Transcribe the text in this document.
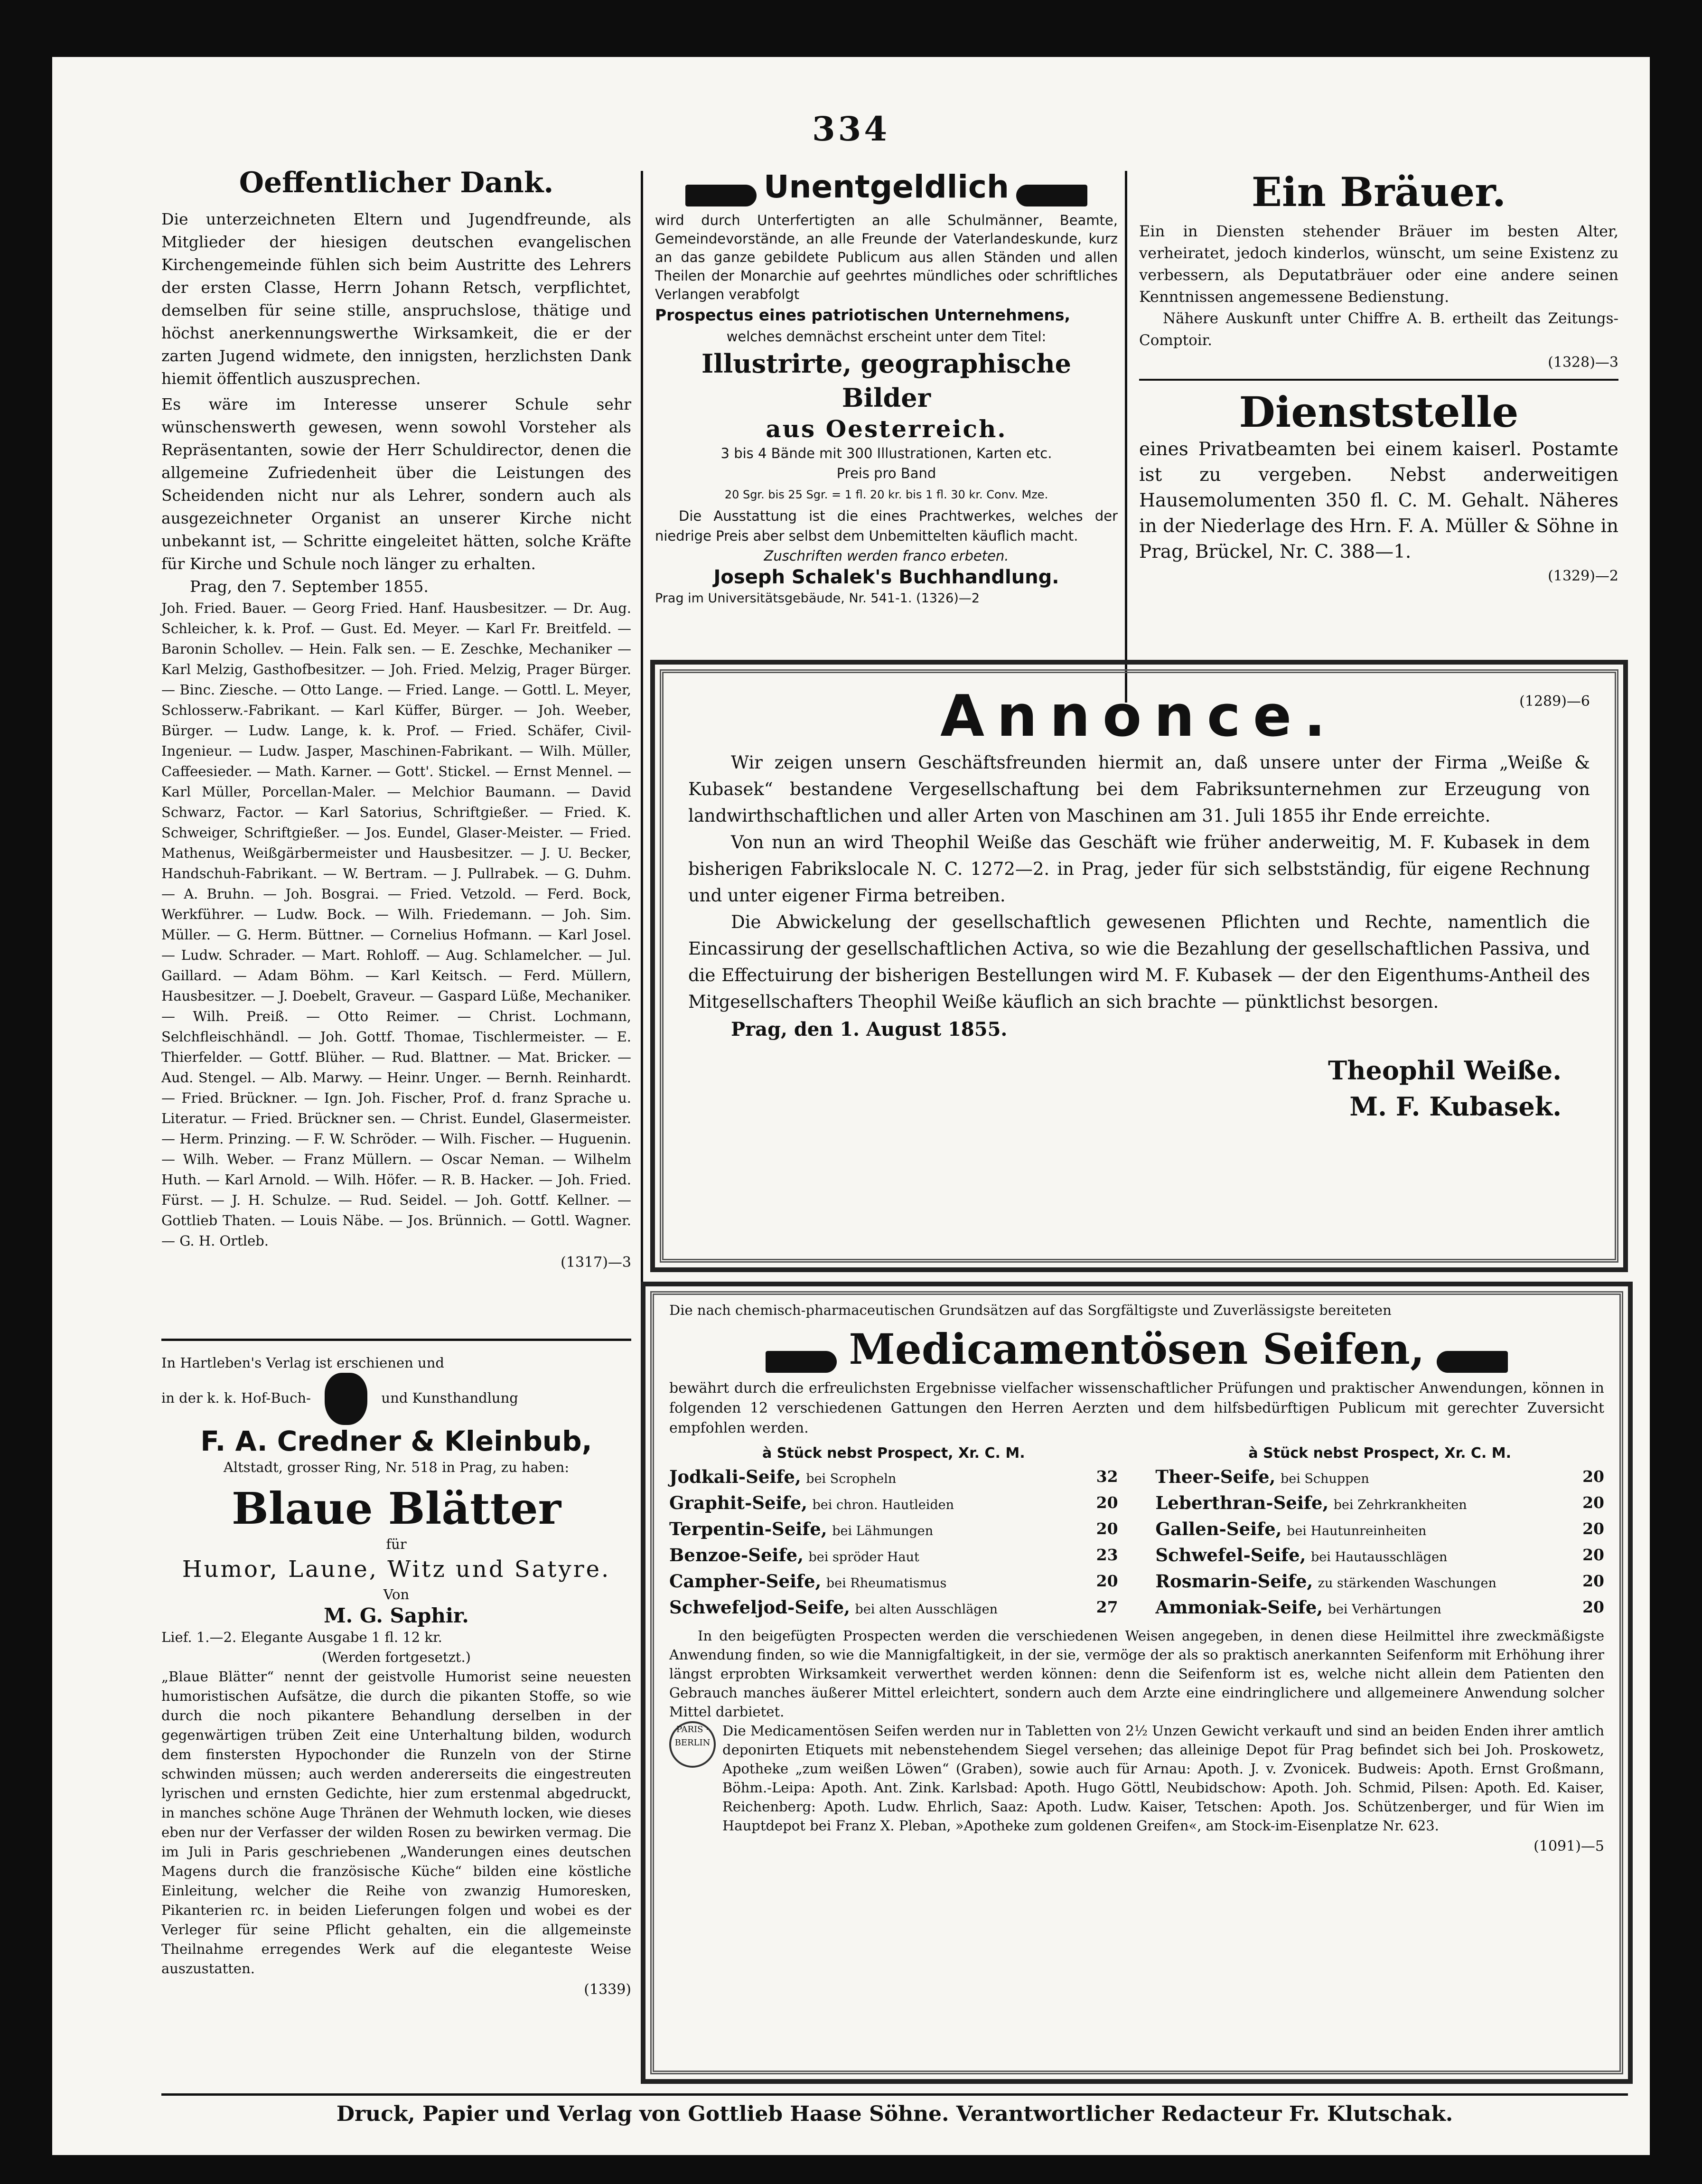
334
Oeffentlicher Dank.

Die unterzeichneten Eltern und Jugendfreunde, als Mitglieder der hiesigen deutschen evangelischen Kirchengemeinde fühlen sich beim Austritte des Lehrers der ersten Classe, Herrn Johann Retsch, verpflichtet, demselben für seine stille, anspruchslose, thätige und höchst anerkennungswerthe Wirksamkeit, die er der zarten Jugend widmete, den innigsten, herzlichsten Dank hiemit öffentlich auszusprechen.

Es wäre im Interesse unserer Schule sehr wünschenswerth gewesen, wenn sowohl Vorsteher als Repräsentanten, sowie der Herr Schuldirector, denen die allgemeine Zufriedenheit über die Leistungen des Scheidenden nicht nur als Lehrer, sondern auch als ausgezeichneter Organist an unserer Kirche nicht unbekannt ist, — Schritte eingeleitet hätten, solche Kräfte für Kirche und Schule noch länger zu erhalten.

Prag, den 7. September 1855.

Joh. Fried. Bauer. — Georg Fried. Hanf. Hausbesitzer. — Dr. Aug. Schleicher, k. k. Prof. — Gust. Ed. Meyer. — Karl Fr. Breitfeld. — Baronin Schollev. — Hein. Falk sen. — E. Zeschke, Mechaniker — Karl Melzig, Gasthofbesitzer. — Joh. Fried. Melzig, Prager Bürger. — Binc. Ziesche. — Otto Lange. — Fried. Lange. — Gottl. L. Meyer, Schlosserw.-Fabrikant. — Karl Küffer, Bürger. — Joh. Weeber, Bürger. — Ludw. Lange, k. k. Prof. — Fried. Schäfer, Civil-Ingenieur. — Ludw. Jasper, Maschinen-Fabrikant. — Wilh. Müller, Caffeesieder. — Math. Karner. — Gott'. Stickel. — Ernst Mennel. — Karl Müller, Porcellan-Maler. — Melchior Baumann. — David Schwarz, Factor. — Karl Satorius, Schriftgießer. — Fried. K. Schweiger, Schriftgießer. — Jos. Eundel, Glaser-Meister. — Fried. Mathenus, Weißgärbermeister und Hausbesitzer. — J. U. Becker, Handschuh-Fabrikant. — W. Bertram. — J. Pullrabek. — G. Duhm. — A. Bruhn. — Joh. Bosgrai. — Fried. Vetzold. — Ferd. Bock, Werkführer. — Ludw. Bock. — Wilh. Friedemann. — Joh. Sim. Müller. — G. Herm. Büttner. — Cornelius Hofmann. — Karl Josel. — Ludw. Schrader. — Mart. Rohloff. — Aug. Schlamelcher. — Jul. Gaillard. — Adam Böhm. — Karl Keitsch. — Ferd. Müllern, Hausbesitzer. — J. Doebelt, Graveur. — Gaspard Lüße, Mechaniker. — Wilh. Preiß. — Otto Reimer. — Christ. Lochmann, Selchfleischhändl. — Joh. Gottf. Thomae, Tischlermeister. — E. Thierfelder. — Gottf. Blüher. — Rud. Blattner. — Mat. Bricker. — Aud. Stengel. — Alb. Marwy. — Heinr. Unger. — Bernh. Reinhardt. — Fried. Brückner. — Ign. Joh. Fischer, Prof. d. franz Sprache u. Literatur. — Fried. Brückner sen. — Christ. Eundel, Glasermeister. — Herm. Prinzing. — F. W. Schröder. — Wilh. Fischer. — Huguenin. — Wilh. Weber. — Franz Müllern. — Oscar Neman. — Wilhelm Huth. — Karl Arnold. — Wilh. Höfer. — R. B. Hacker. — Joh. Fried. Fürst. — J. H. Schulze. — Rud. Seidel. — Joh. Gottf. Kellner. — Gottlieb Thaten. — Louis Näbe. — Jos. Brünnich. — Gottl. Wagner. — G. H. Ortleb.

(1317)—3

In Hartleben's Verlag ist erschienen und

in der k. k. Hof-Buch-	und Kunsthandlung

F. A. Credner & Kleinbub,

Altstadt, grosser Ring, Nr. 518 in Prag, zu haben:

Blaue Blätter

für

Humor, Laune, Witz und Satyre.

Von

M. G. Saphir.

Lief. 1.—2. Elegante Ausgabe 1 fl. 12 kr.

(Werden fortgesetzt.)

„Blaue Blätter“ nennt der geistvolle Humorist seine neuesten humoristischen Aufsätze, die durch die pikanten Stoffe, so wie durch die noch pikantere Behandlung derselben in der gegenwärtigen trüben Zeit eine Unterhaltung bilden, wodurch dem finstersten Hypochonder die Runzeln von der Stirne schwinden müssen; auch werden andererseits die eingestreuten lyrischen und ernsten Gedichte, hier zum erstenmal abgedruckt, in manches schöne Auge Thränen der Wehmuth locken, wie dieses eben nur der Verfasser der wilden Rosen zu bewirken vermag. Die im Juli in Paris geschriebenen „Wanderungen eines deutschen Magens durch die französische Küche“ bilden eine köstliche Einleitung, welcher die Reihe von zwanzig Humoresken, Pikanterien rc. in beiden Lieferungen folgen und wobei es der Verleger für seine Pflicht gehalten, ein die allgemeinste Theilnahme erregendes Werk auf die eleganteste Weise auszustatten.

(1339)

Unentgeldlich

wird durch Unterfertigten an alle Schulmänner, Beamte, Gemeindevorstände, an alle Freunde der Vaterlandeskunde, kurz an das ganze gebildete Publicum aus allen Ständen und allen Theilen der Monarchie auf geehrtes mündliches oder schriftliches Verlangen verabfolgt

Prospectus eines patriotischen Unternehmens,

welches demnächst erscheint unter dem Titel:

Illustrirte, geographische Bilder

aus Oesterreich.

3 bis 4 Bände mit 300 Illustrationen, Karten etc.

Preis pro Band

20 Sgr. bis 25 Sgr. = 1 fl. 20 kr. bis 1 fl. 30 kr. Conv. Mze.

Die Ausstattung ist die eines Prachtwerkes, welches der niedrige Preis aber selbst dem Unbemittelten käuflich macht.

Zuschriften werden franco erbeten.

Joseph Schalek's Buchhandlung.

Prag im Universitätsgebäude, Nr. 541-1. (1326)—2

Ein Bräuer.

Ein in Diensten stehender Bräuer im besten Alter, verheiratet, jedoch kinderlos, wünscht, um seine Existenz zu verbessern, als Deputatbräuer oder eine andere seinen Kenntnissen angemessene Bedienstung.

Nähere Auskunft unter Chiffre A. B. ertheilt das Zeitungs-Comptoir.

(1328)—3

Dienststelle

eines Privatbeamten bei einem kaiserl. Postamte ist zu vergeben. Nebst anderweitigen Hausemolumenten 350 fl. C. M. Gehalt. Näheres in der Niederlage des Hrn. F. A. Müller & Söhne in Prag, Brückel, Nr. C. 388—1.

(1329)—2

Annonce.	(1289)—6

Wir zeigen unsern Geschäftsfreunden hiermit an, daß unsere unter der Firma „Weiße & Kubasek“ bestandene Vergesellschaftung bei dem Fabriksunternehmen zur Erzeugung von landwirthschaftlichen und aller Arten von Maschinen am 31. Juli 1855 ihr Ende erreichte.

Von nun an wird Theophil Weiße das Geschäft wie früher anderweitig, M. F. Kubasek in dem bisherigen Fabrikslocale N. C. 1272—2. in Prag, jeder für sich selbstständig, für eigene Rechnung und unter eigener Firma betreiben.

Die Abwickelung der gesellschaftlich gewesenen Pflichten und Rechte, namentlich die Eincassirung der gesellschaftlichen Activa, so wie die Bezahlung der gesellschaftlichen Passiva, und die Effectuirung der bisherigen Bestellungen wird M. F. Kubasek — der den Eigenthums-Antheil des Mitgesellschafters Theophil Weiße käuflich an sich brachte — pünktlichst besorgen.

Prag, den 1. August 1855.

Theophil Weiße.

M. F. Kubasek.

Die nach chemisch-pharmaceutischen Grundsätzen auf das Sorgfältigste und Zuverlässigste bereiteten

Medicamentösen Seifen,

bewährt durch die erfreulichsten Ergebnisse vielfacher wissenschaftlicher Prüfungen und praktischer Anwendungen, können in folgenden 12 verschiedenen Gattungen den Herren Aerzten und dem hilfsbedürftigen Publicum mit gerechter Zuversicht empfohlen werden.

à Stück nebst Prospect, Xr. C. M.

Jodkali-Seife, bei Scropheln	32
Graphit-Seife, bei chron. Hautleiden	20
Terpentin-Seife, bei Lähmungen	20
Benzoe-Seife, bei spröder Haut	23
Campher-Seife, bei Rheumatismus	20
Schwefeljod-Seife, bei alten Ausschlägen	27

à Stück nebst Prospect, Xr. C. M.

Theer-Seife, bei Schuppen	20
Leberthran-Seife, bei Zehrkrankheiten	20
Gallen-Seife, bei Hautunreinheiten	20
Schwefel-Seife, bei Hautausschlägen	20
Rosmarin-Seife, zu stärkenden Waschungen	20
Ammoniak-Seife, bei Verhärtungen	20

In den beigefügten Prospecten werden die verschiedenen Weisen angegeben, in denen diese Heilmittel ihre zweckmäßigste Anwendung finden, so wie die Mannigfaltigkeit, in der sie, vermöge der als so praktisch anerkannten Seifenform mit Erhöhung ihrer längst erprobten Wirksamkeit verwerthet werden können: denn die Seifenform ist es, welche nicht allein dem Patienten den Gebrauch manches äußerer Mittel erleichtert, sondern auch dem Arzte eine eindringlichere und allgemeinere Anwendung solcher Mittel darbietet.

PARIS · BERLIN

Die Medicamentösen Seifen werden nur in Tabletten von 2½ Unzen Gewicht verkauft und sind an beiden Enden ihrer amtlich deponirten Etiquets mit nebenstehendem Siegel versehen; das alleinige Depot für Prag befindet sich bei Joh. Proskowetz, Apotheke „zum weißen Löwen“ (Graben), sowie auch für Arnau: Apoth. J. v. Zvonicek. Budweis: Apoth. Ernst Großmann, Böhm.-Leipa: Apoth. Ant. Zink. Karlsbad: Apoth. Hugo Göttl, Neubidschow: Apoth. Joh. Schmid, Pilsen: Apoth. Ed. Kaiser, Reichenberg: Apoth. Ludw. Ehrlich, Saaz: Apoth. Ludw. Kaiser, Tetschen: Apoth. Jos. Schützenberger, und für Wien im Hauptdepot bei Franz X. Pleban, »Apotheke zum goldenen Greifen«, am Stock-im-Eisenplatze Nr. 623.

(1091)—5

Druck, Papier und Verlag von Gottlieb Haase Söhne. Verantwortlicher Redacteur Fr. Klutschak.
